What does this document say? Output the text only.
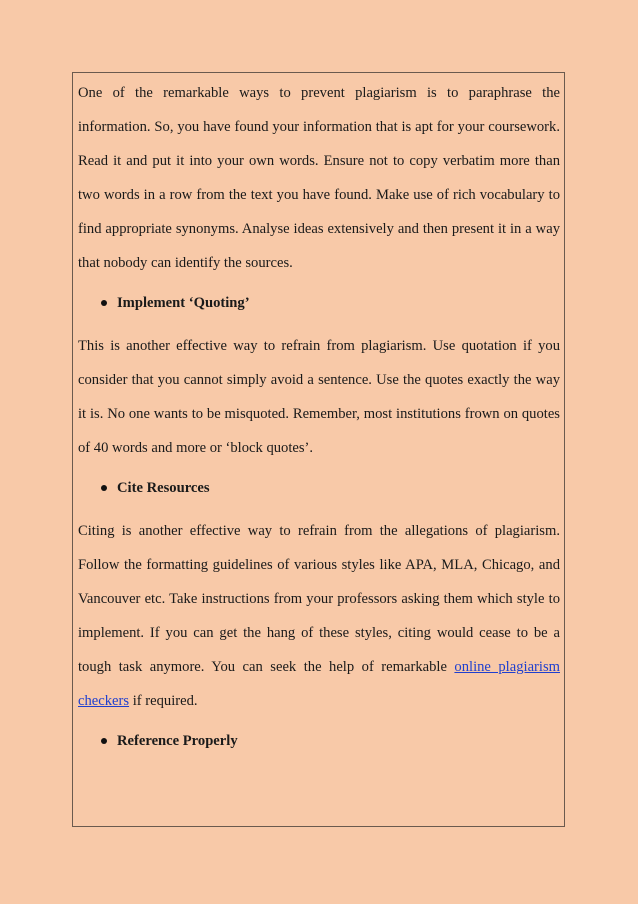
One of the remarkable ways to prevent plagiarism is to paraphrase the information. So, you have found your information that is apt for your coursework. Read it and put it into your own words. Ensure not to copy verbatim more than two words in a row from the text you have found. Make use of rich vocabulary to find appropriate synonyms. Analyse ideas extensively and then present it in a way that nobody can identify the sources.

Implement ‘Quoting’

This is another effective way to refrain from plagiarism. Use quotation if you consider that you cannot simply avoid a sentence. Use the quotes exactly the way it is. No one wants to be misquoted. Remember, most institutions frown on quotes of 40 words and more or ‘block quotes’.

Cite Resources

Citing is another effective way to refrain from the allegations of plagiarism. Follow the formatting guidelines of various styles like APA, MLA, Chicago, and Vancouver etc. Take instructions from your professors asking them which style to implement. If you can get the hang of these styles, citing would cease to be a tough task anymore. You can seek the help of remarkable online plagiarism checkers if required.

Reference Properly
